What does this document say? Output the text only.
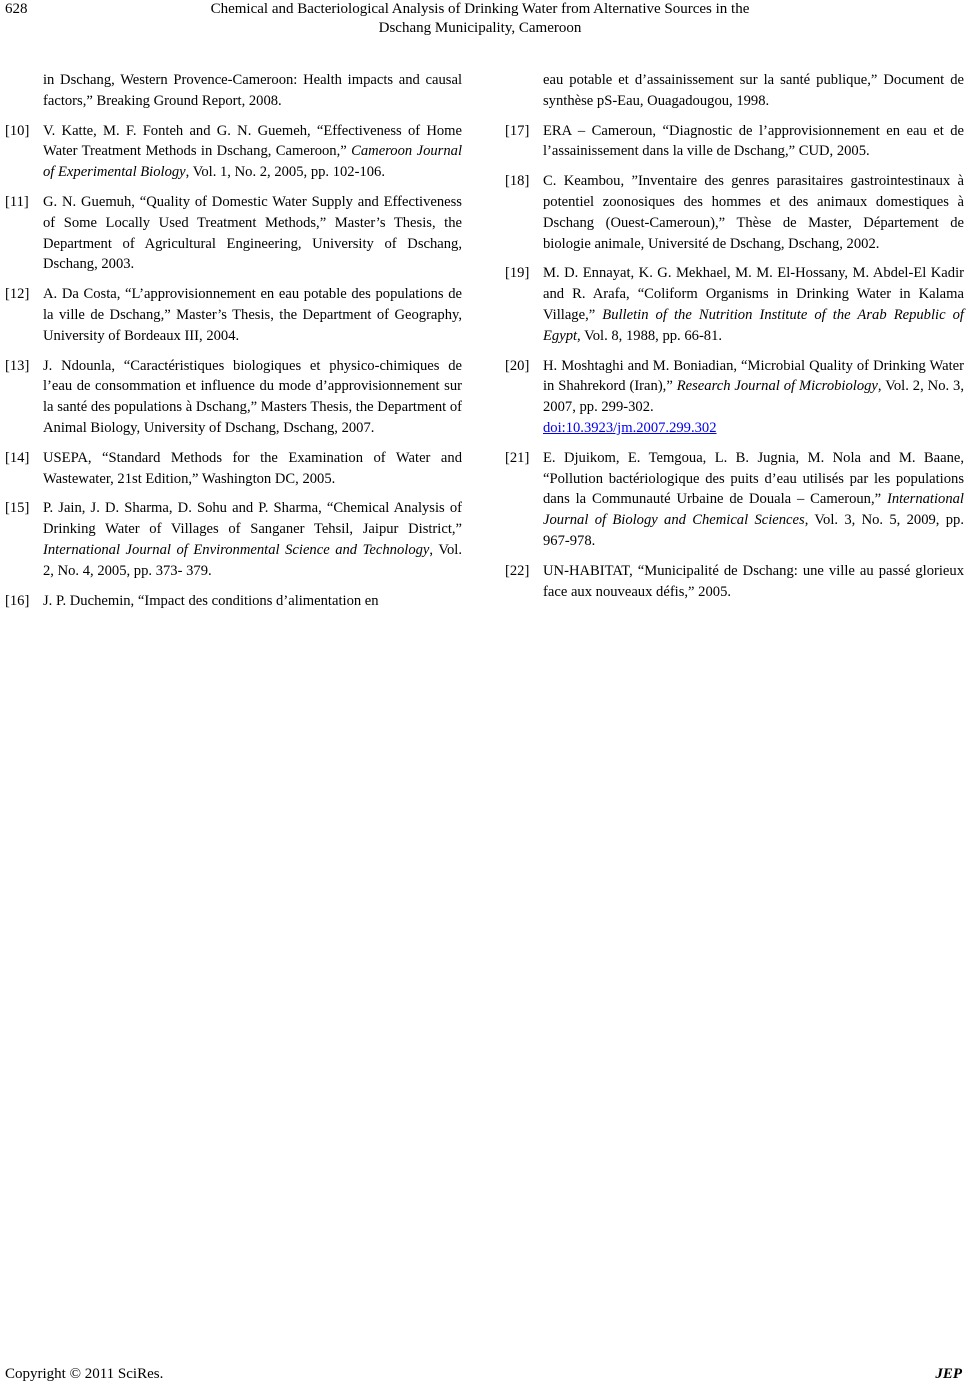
628	Chemical and Bacteriological Analysis of Drinking Water from Alternative Sources in the
Dschang Municipality, Cameroon
in Dschang, Western Provence-Cameroon: Health impacts and causal factors,” Breaking Ground Report, 2008.
[10] V. Katte, M. F. Fonteh and G. N. Guemeh, “Effectiveness of Home Water Treatment Methods in Dschang, Cameroon,” Cameroon Journal of Experimental Biology, Vol. 1, No. 2, 2005, pp. 102-106.
[11] G. N. Guemuh, “Quality of Domestic Water Supply and Effectiveness of Some Locally Used Treatment Methods,” Master’s Thesis, the Department of Agricultural Engineering, University of Dschang, Dschang, 2003.
[12] A. Da Costa, “L’approvisionnement en eau potable des populations de la ville de Dschang,” Master’s Thesis, the Department of Geography, University of Bordeaux III, 2004.
[13] J. Ndounla, “Caractéristiques biologiques et physico-chimiques de l’eau de consommation et influence du mode d’approvisionnement sur la santé des populations à Dschang,” Masters Thesis, the Department of Animal Biology, University of Dschang, Dschang, 2007.
[14] USEPA, “Standard Methods for the Examination of Water and Wastewater, 21st Edition,” Washington DC, 2005.
[15] P. Jain, J. D. Sharma, D. Sohu and P. Sharma, “Chemical Analysis of Drinking Water of Villages of Sanganer Tehsil, Jaipur District,” International Journal of Environmental Science and Technology, Vol. 2, No. 4, 2005, pp. 373- 379.
[16] J. P. Duchemin, “Impact des conditions d’alimentation en
eau potable et d’assainissement sur la santé publique,” Document de synthèse pS-Eau, Ouagadougou, 1998.
[17] ERA – Cameroun, “Diagnostic de l’approvisionnement en eau et de l’assainissement dans la ville de Dschang,” CUD, 2005.
[18] C. Keambou, ”Inventaire des genres parasitaires gastrointestinaux à potentiel zoonosiques des hommes et des animaux domestiques à Dschang (Ouest-Cameroun),” Thèse de Master, Département de biologie animale, Université de Dschang, Dschang, 2002.
[19] M. D. Ennayat, K. G. Mekhael, M. M. El-Hossany, M. Abdel-El Kadir and R. Arafa, “Coliform Organisms in Drinking Water in Kalama Village,” Bulletin of the Nutrition Institute of the Arab Republic of Egypt, Vol. 8, 1988, pp. 66-81.
[20] H. Moshtaghi and M. Boniadian, “Microbial Quality of Drinking Water in Shahrekord (Iran),” Research Journal of Microbiology, Vol. 2, No. 3, 2007, pp. 299-302.
doi:10.3923/jm.2007.299.302
[21] E. Djuikom, E. Temgoua, L. B. Jugnia, M. Nola and M. Baane, “Pollution bactériologique des puits d’eau utilisés par les populations dans la Communauté Urbaine de Douala – Cameroun,” International Journal of Biology and Chemical Sciences, Vol. 3, No. 5, 2009, pp. 967-978.
[22] UN-HABITAT, “Municipalité de Dschang: une ville au passé glorieux face aux nouveaux défis,” 2005.
Copyright © 2011 SciRes.	JEP
